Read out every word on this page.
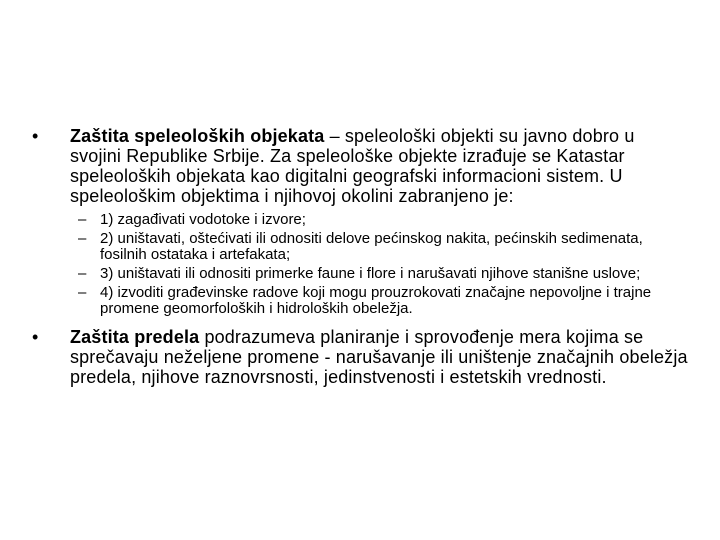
•	Zaštita speleoloških objekata – speleološki objekti su javno dobro u svojini Republike Srbije. Za speleološke objekte izrađuje se Katastar speleoloških objekata kao digitalni geografski informacioni sistem. U speleološkim objektima i njihovoj okolini zabranjeno je:
– 1) zagađivati vodotoke i izvore;
– 2) uništavati, oštećivati ili odnositi delove pećinskog nakita, pećinskih sedimenata, fosilnih ostataka i artefakata;
– 3) uništavati ili odnositi primerke faune i flore i narušavati njihove stanišne uslove;
– 4) izvoditi građevinske radove koji mogu prouzrokovati značajne nepovoljne i trajne promene geomorfoloških i hidroloških obeležja.
•	Zaštita predela podrazumeva planiranje i sprovođenje mera kojima se sprečavaju neželjene promene - narušavanje ili uništenje značajnih obeležja predela, njihove raznovrsnosti, jedinstvenosti i estetskih vrednosti.
